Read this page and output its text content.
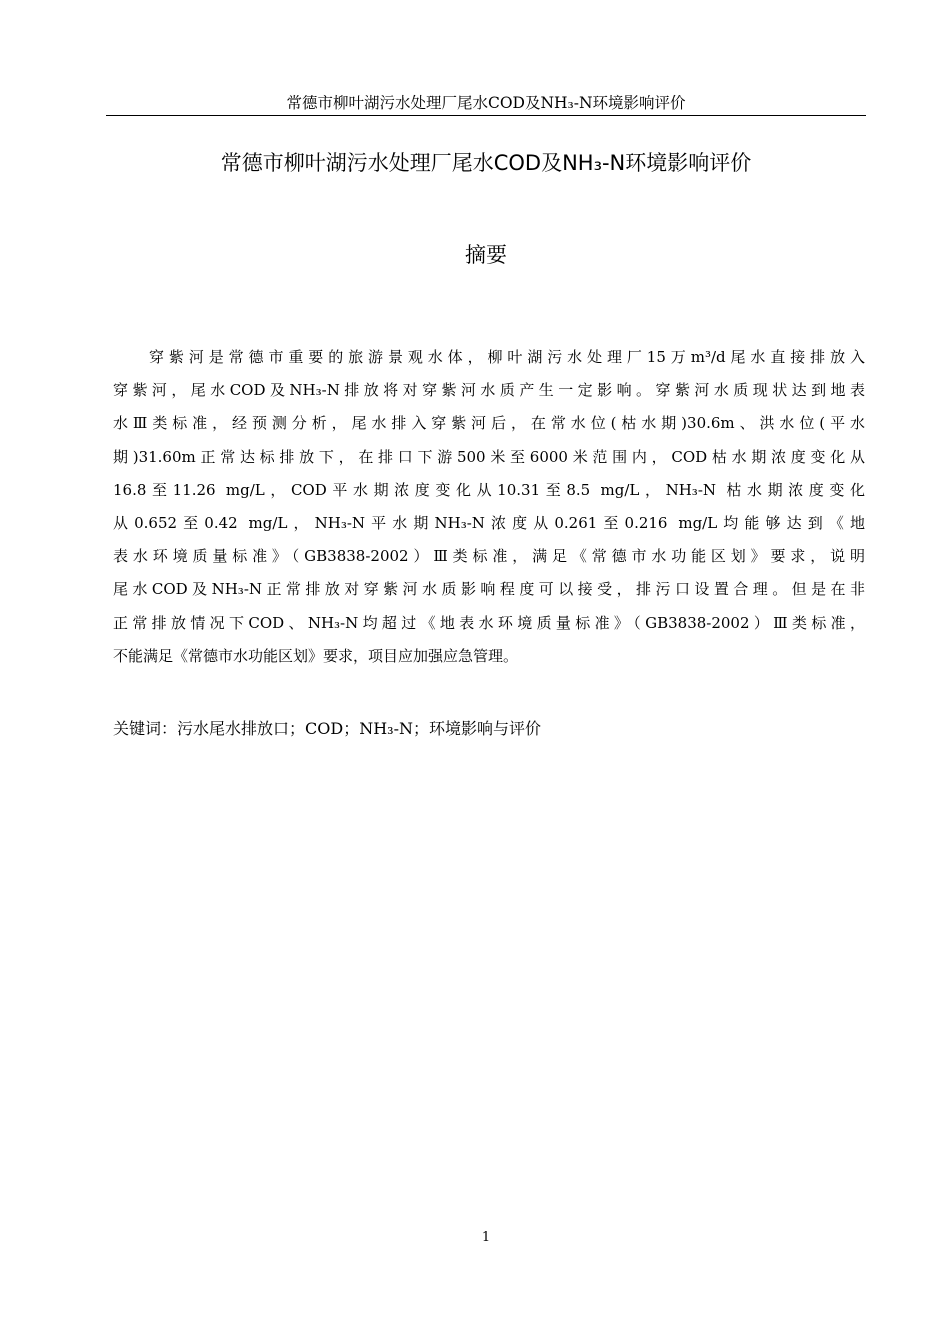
常德市柳叶湖污水处理厂尾水COD及NH₃-N环境影响评价
常德市柳叶湖污水处理厂尾水COD及NH₃-N环境影响评价
摘要
穿紫河是常德市重要的旅游景观水体，柳叶湖污水处理厂15万m³/d尾水直接排放入
穿紫河，尾水COD及NH₃-N排放将对穿紫河水质产生一定影响。穿紫河水质现状达到地表
水Ⅲ类标准，经预测分析，尾水排入穿紫河后，在常水位(枯水期)30.6m、洪水位(平水
期)31.60m正常达标排放下，在排口下游500米至6000米范围内，COD枯水期浓度变化从
16.8至11.26 mg/L，COD平水期浓度变化从10.31至8.5 mg/L，NH₃-N 枯水期浓度变化
从0.652至0.42 mg/L，NH₃-N平水期NH₃-N浓度从0.261至0.216 mg/L均能够达到《地
表水环境质量标准》（GB3838-2002）Ⅲ类标准，满足《常德市水功能区划》要求，说明
尾水COD及NH₃-N正常排放对穿紫河水质影响程度可以接受，排污口设置合理。但是在非
正常排放情况下COD、NH₃-N均超过《地表水环境质量标准》（GB3838-2002）Ⅲ类标准，
不能满足《常德市水功能区划》要求，项目应加强应急管理。
关键词：污水尾水排放口；COD；NH₃-N；环境影响与评价
1
